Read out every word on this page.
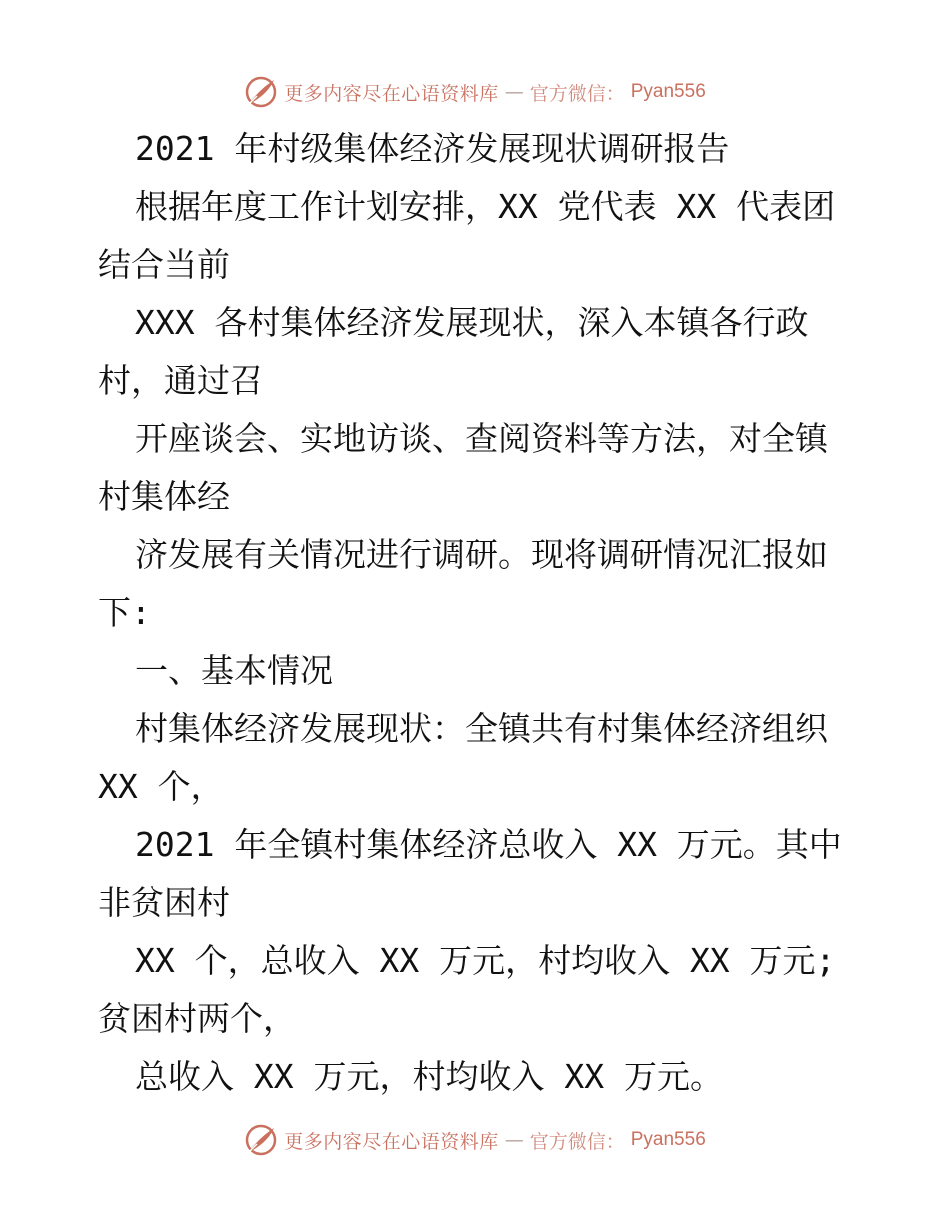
更多内容尽在心语资料库 — 官方微信： Pyan556
2021 年村级集体经济发展现状调研报告
根据年度工作计划安排，XX 党代表 XX 代表团
结合当前
XXX 各村集体经济发展现状，深入本镇各行政
村，通过召
开座谈会、实地访谈、查阅资料等方法，对全镇
村集体经
济发展有关情况进行调研。现将调研情况汇报如
下:
一、基本情况
村集体经济发展现状：全镇共有村集体经济组织
XX 个，
2021 年全镇村集体经济总收入 XX 万元。其中
非贫困村
XX 个，总收入 XX 万元，村均收入 XX 万元;
贫困村两个，
总收入 XX 万元，村均收入 XX 万元。
更多内容尽在心语资料库 — 官方微信： Pyan556
